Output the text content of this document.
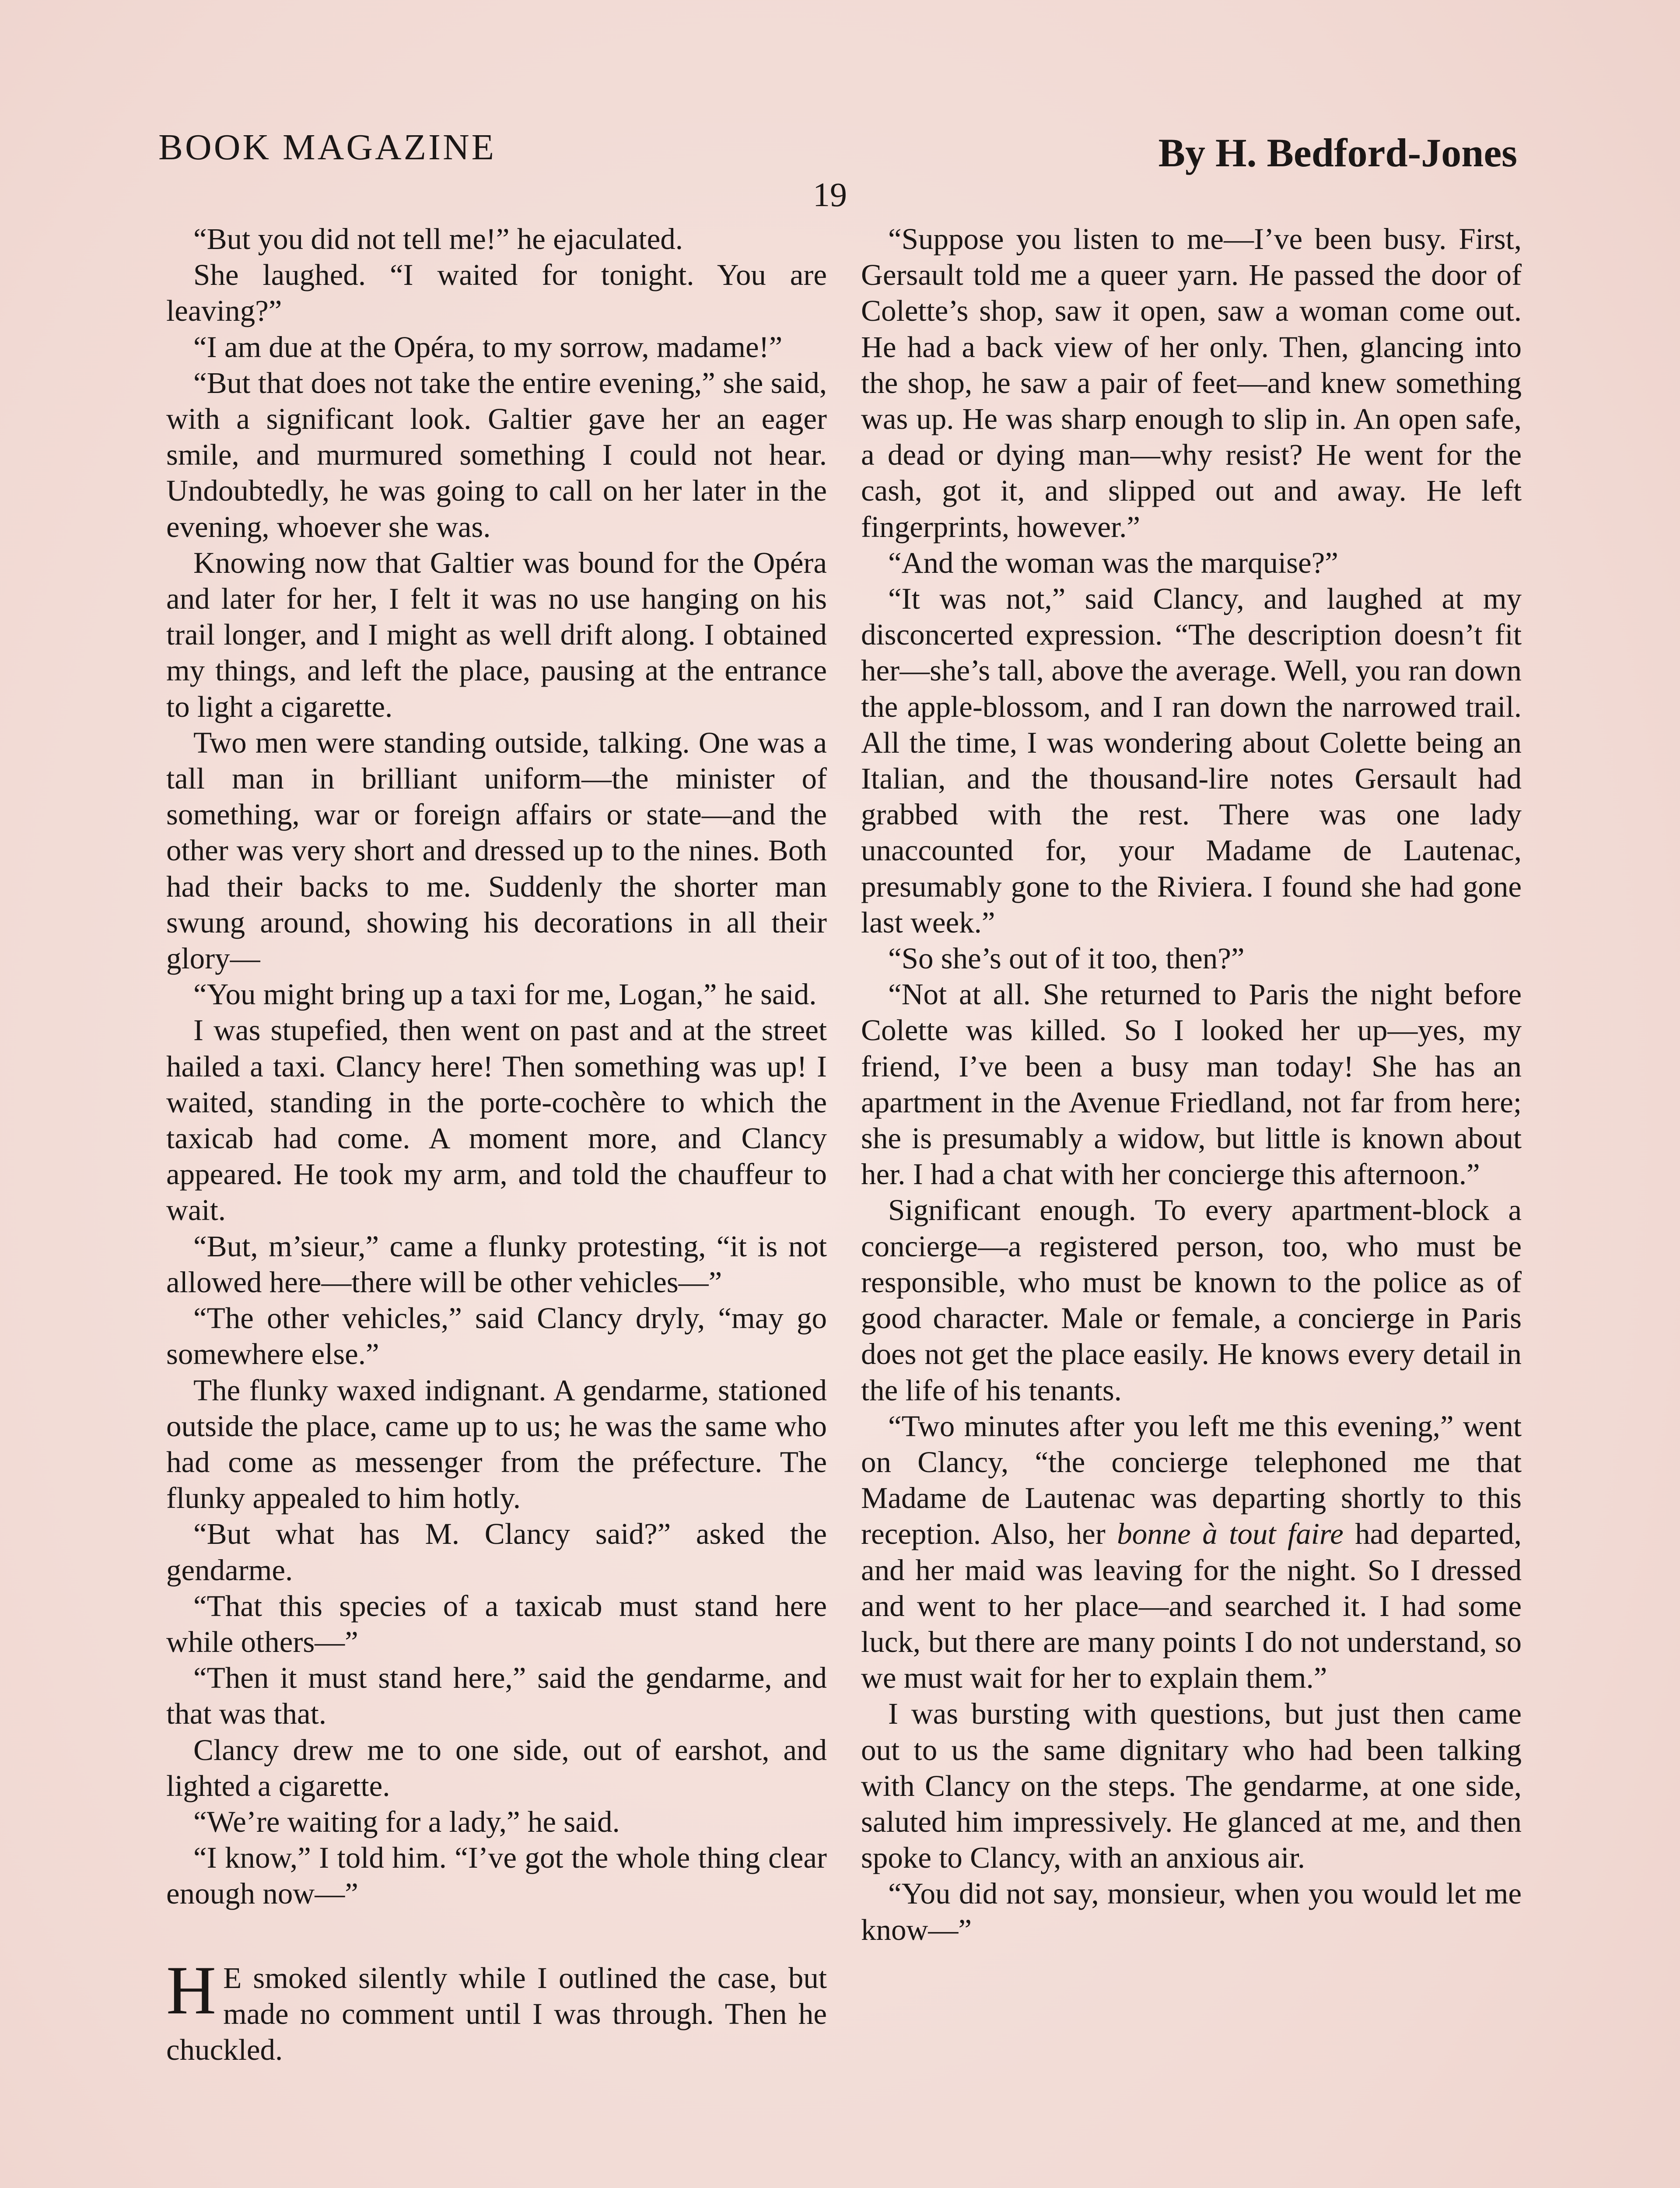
BOOK MAGAZINE	By H. Bedford-Jones
19

“But you did not tell me!” he ejaculated.

She laughed. “I waited for tonight. You are leaving?”

“I am due at the Opéra, to my sorrow, madame!”

“But that does not take the entire evening,” she said, with a significant look. Galtier gave her an eager smile, and murmured something I could not hear. Undoubtedly, he was going to call on her later in the evening, whoever she was.

Knowing now that Galtier was bound for the Opéra and later for her, I felt it was no use hanging on his trail longer, and I might as well drift along. I obtained my things, and left the place, pausing at the entrance to light a cigarette.

Two men were standing outside, talking. One was a tall man in brilliant uniform—the minister of something, war or foreign affairs or state—and the other was very short and dressed up to the nines. Both had their backs to me. Suddenly the shorter man swung around, showing his decorations in all their glory—

“You might bring up a taxi for me, Logan,” he said.

I was stupefied, then went on past and at the street hailed a taxi. Clancy here! Then something was up! I waited, standing in the porte-cochère to which the taxicab had come. A moment more, and Clancy appeared. He took my arm, and told the chauffeur to wait.

“But, m’sieur,” came a flunky protesting, “it is not allowed here—there will be other vehicles—”

“The other vehicles,” said Clancy dryly, “may go somewhere else.”

The flunky waxed indignant. A gendarme, stationed outside the place, came up to us; he was the same who had come as messenger from the préfecture. The flunky appealed to him hotly.

“But what has M. Clancy said?” asked the gendarme.

“That this species of a taxicab must stand here while others—”

“Then it must stand here,” said the gendarme, and that was that.

Clancy drew me to one side, out of earshot, and lighted a cigarette.

“We’re waiting for a lady,” he said.

“I know,” I told him. “I’ve got the whole thing clear enough now—”

H E smoked silently while I outlined the case, but made no comment until I was through. Then he chuckled.

“Suppose you listen to me—I’ve been busy. First, Gersault told me a queer yarn. He passed the door of Colette’s shop, saw it open, saw a woman come out. He had a back view of her only. Then, glancing into the shop, he saw a pair of feet—and knew something was up. He was sharp enough to slip in. An open safe, a dead or dying man—why resist? He went for the cash, got it, and slipped out and away. He left fingerprints, however.”

“And the woman was the marquise?”

“It was not,” said Clancy, and laughed at my disconcerted expression. “The description doesn’t fit her—she’s tall, above the average. Well, you ran down the apple-blossom, and I ran down the narrowed trail. All the time, I was wondering about Colette being an Italian, and the thousand-lire notes Gersault had grabbed with the rest. There was one lady unaccounted for, your Madame de Lautenac, presumably gone to the Riviera. I found she had gone last week.”

“So she’s out of it too, then?”

“Not at all. She returned to Paris the night before Colette was killed. So I looked her up—yes, my friend, I’ve been a busy man today! She has an apartment in the Avenue Friedland, not far from here; she is presumably a widow, but little is known about her. I had a chat with her concierge this afternoon.”

Significant enough. To every apartment-block a concierge—a registered person, too, who must be responsible, who must be known to the police as of good character. Male or female, a concierge in Paris does not get the place easily. He knows every detail in the life of his tenants.

“Two minutes after you left me this evening,” went on Clancy, “the concierge telephoned me that Madame de Lautenac was departing shortly to this reception. Also, her bonne à tout faire had departed, and her maid was leaving for the night. So I dressed and went to her place—and searched it. I had some luck, but there are many points I do not understand, so we must wait for her to explain them.”

I was bursting with questions, but just then came out to us the same dignitary who had been talking with Clancy on the steps. The gendarme, at one side, saluted him impressively. He glanced at me, and then spoke to Clancy, with an anxious air.

“You did not say, monsieur, when you would let me know—”
